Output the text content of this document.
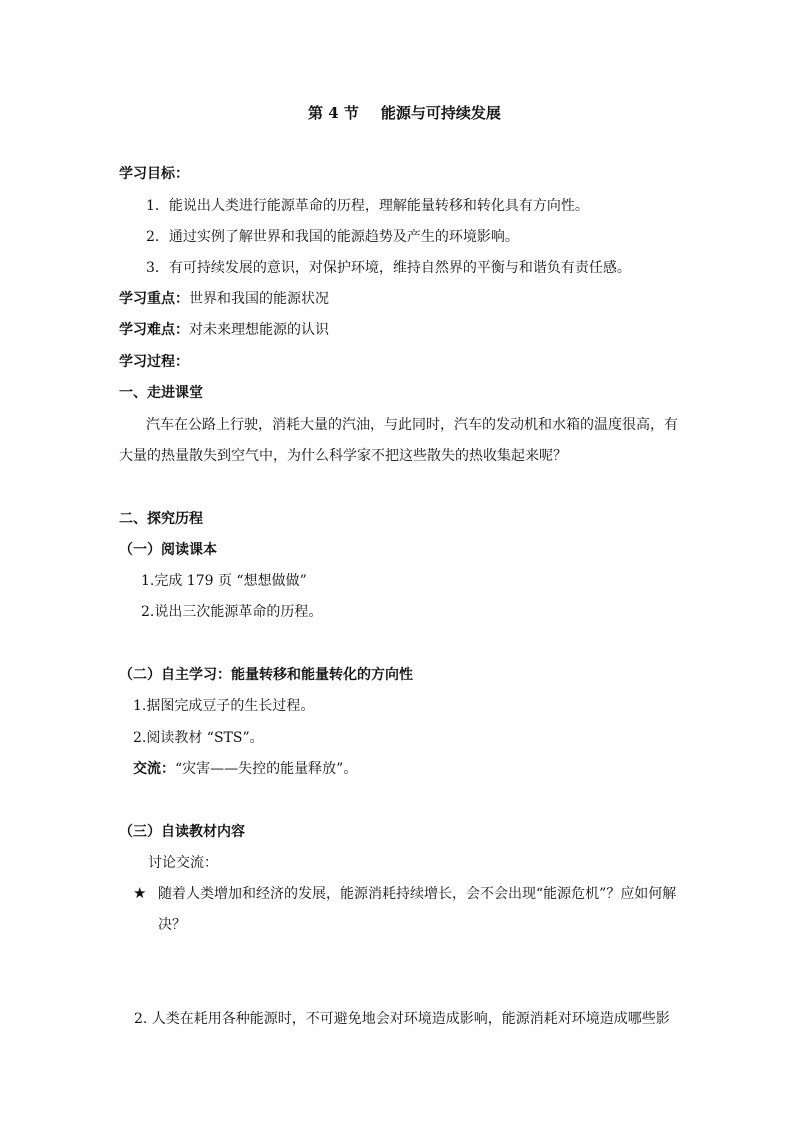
第 4 节 能源与可持续发展
学习目标：
1．能说出人类进行能源革命的历程，理解能量转移和转化具有方向性。
2．通过实例了解世界和我国的能源趋势及产生的环境影响。
3．有可持续发展的意识，对保护环境，维持自然界的平衡与和谐负有责任感。
学习重点：世界和我国的能源状况
学习难点：对未来理想能源的认识
学习过程：
一、走进课堂
汽车在公路上行驶，消耗大量的汽油，与此同时，汽车的发动机和水箱的温度很高，有
大量的热量散失到空气中，为什么科学家不把这些散失的热收集起来呢？
二、探究历程
（一）阅读课本
1.完成 179 页 “想想做做”
2.说出三次能源革命的历程。
（二）自主学习：能量转移和能量转化的方向性
1.据图完成豆子的生长过程。
2.阅读教材 “STS”。
交流：“灾害——失控的能量释放”。
（三）自读教材内容
讨论交流：
★ 随着人类增加和经济的发展，能源消耗持续增长，会不会出现“能源危机”？应如何解
决？
2. 人类在耗用各种能源时，不可避免地会对环境造成影响，能源消耗对环境造成哪些影
